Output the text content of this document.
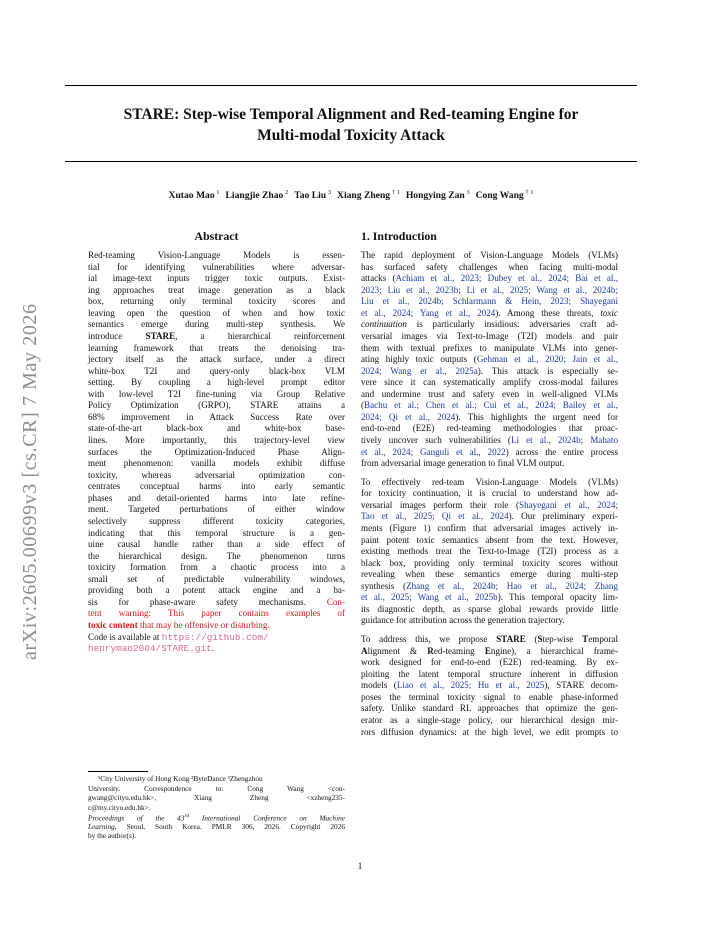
STARE: Step-wise Temporal Alignment and Red-teaming Engine for
Multi-modal Toxicity Attack
Xutao Mao $^1$ Liangjie Zhao $^2$ Tao Liu $^3$ Xiang Zheng $^{\dagger 1}$ Hongying Zan $^3$ Cong Wang $^{\dagger 1}$
arXiv:2605.00699v3 [cs.CR] 7 May 2026
Abstract
Red-teaming Vision-Language Models is essen-
tial for identifying vulnerabilities where adversar-
ial image-text inputs trigger toxic outputs. Exist-
ing approaches treat image generation as a black
box, returning only terminal toxicity scores and
leaving open the question of when and how toxic
semantics emerge during multi-step synthesis. We
introduce STARE, a hierarchical reinforcement
learning framework that treats the denoising tra-
jectory itself as the attack surface, under a direct
white-box T2I and query-only black-box VLM
setting. By coupling a high-level prompt editor
with low-level T2I fine-tuning via Group Relative
Policy Optimization (GRPO), STARE attains a
68% improvement in Attack Success Rate over
state-of-the-art black-box and white-box base-
lines. More importantly, this trajectory-level view
surfaces the Optimization-Induced Phase Align-
ment phenomenon: vanilla models exhibit diffuse
toxicity, whereas adversarial optimization con-
centrates conceptual harms into early semantic
phases and detail-oriented harms into late refine-
ment. Targeted perturbations of either window
selectively suppress different toxicity categories,
indicating that this temporal structure is a gen-
uine causal handle rather than a side effect of
the hierarchical design. The phenomenon turns
toxicity formation from a chaotic process into a
small set of predictable vulnerability windows,
providing both a potent attack engine and a ba-
sis for phase-aware safety mechanisms. Con-
tent warning: This paper contains examples of
toxic content that may be offensive or disturbing.
Code is available at https://github.com/
henrymao2004/STARE.git.
¹City University of Hong Kong ²ByteDance ³Zhengzhou
University. Correspondence to: Cong Wang <con-
gwang@cityu.edu.hk>, Xiang Zheng <xzheng235-
c@my.cityu.edu.hk>.
Proceedings of the 43rd International Conference on Machine
Learning, Seoul, South Korea. PMLR 306, 2026. Copyright 2026
by the author(s).
1. Introduction
The rapid deployment of Vision-Language Models (VLMs)
has surfaced safety challenges when facing multi-modal
attacks (Achiam et al., 2023; Dubey et al., 2024; Bai et al.,
2023; Liu et al., 2023b; Li et al., 2025; Wang et al., 2024b;
Liu et al., 2024b; Schlarmann & Hein, 2023; Shayegani
et al., 2024; Yang et al., 2024). Among these threats, toxic
continuation is particularly insidious: adversaries craft ad-
versarial images via Text-to-Image (T2I) models and pair
them with textual prefixes to manipulate VLMs into gener-
ating highly toxic outputs (Gehman et al., 2020; Jain et al.,
2024; Wang et al., 2025a). This attack is especially se-
vere since it can systematically amplify cross-modal failures
and undermine trust and safety even in well-aligned VLMs
(Bachu et al.; Chen et al.; Cui et al., 2024; Bailey et al.,
2024; Qi et al., 2024). This highlights the urgent need for
end-to-end (E2E) red-teaming methodologies that proac-
tively uncover such vulnerabilities (Li et al., 2024b; Mahato
et al., 2024; Ganguli et al., 2022) across the entire process
from adversarial image generation to final VLM output.
To effectively red-team Vision-Language Models (VLMs)
for toxicity continuation, it is crucial to understand how ad-
versarial images perform their role (Shayegani et al., 2024;
Tao et al., 2025; Qi et al., 2024). Our preliminary experi-
ments (Figure 1) confirm that adversarial images actively in-
paint potent toxic semantics absent from the text. However,
existing methods treat the Text-to-Image (T2I) process as a
black box, providing only terminal toxicity scores without
revealing when these semantics emerge during multi-step
synthesis (Zhang et al., 2024b; Hao et al., 2024; Zhang
et al., 2025; Wang et al., 2025b). This temporal opacity lim-
its diagnostic depth, as sparse global rewards provide little
guidance for attribution across the generation trajectory.
To address this, we propose STARE (Step-wise Temporal
Alignment & Red-teaming Engine), a hierarchical frame-
work designed for end-to-end (E2E) red-teaming. By ex-
ploiting the latent temporal structure inherent in diffusion
models (Liao et al., 2025; Hu et al., 2025), STARE decom-
poses the terminal toxicity signal to enable phase-informed
safety. Unlike standard RL approaches that optimize the gen-
erator as a single-stage policy, our hierarchical design mir-
rors diffusion dynamics: at the high level, we edit prompts to
1
